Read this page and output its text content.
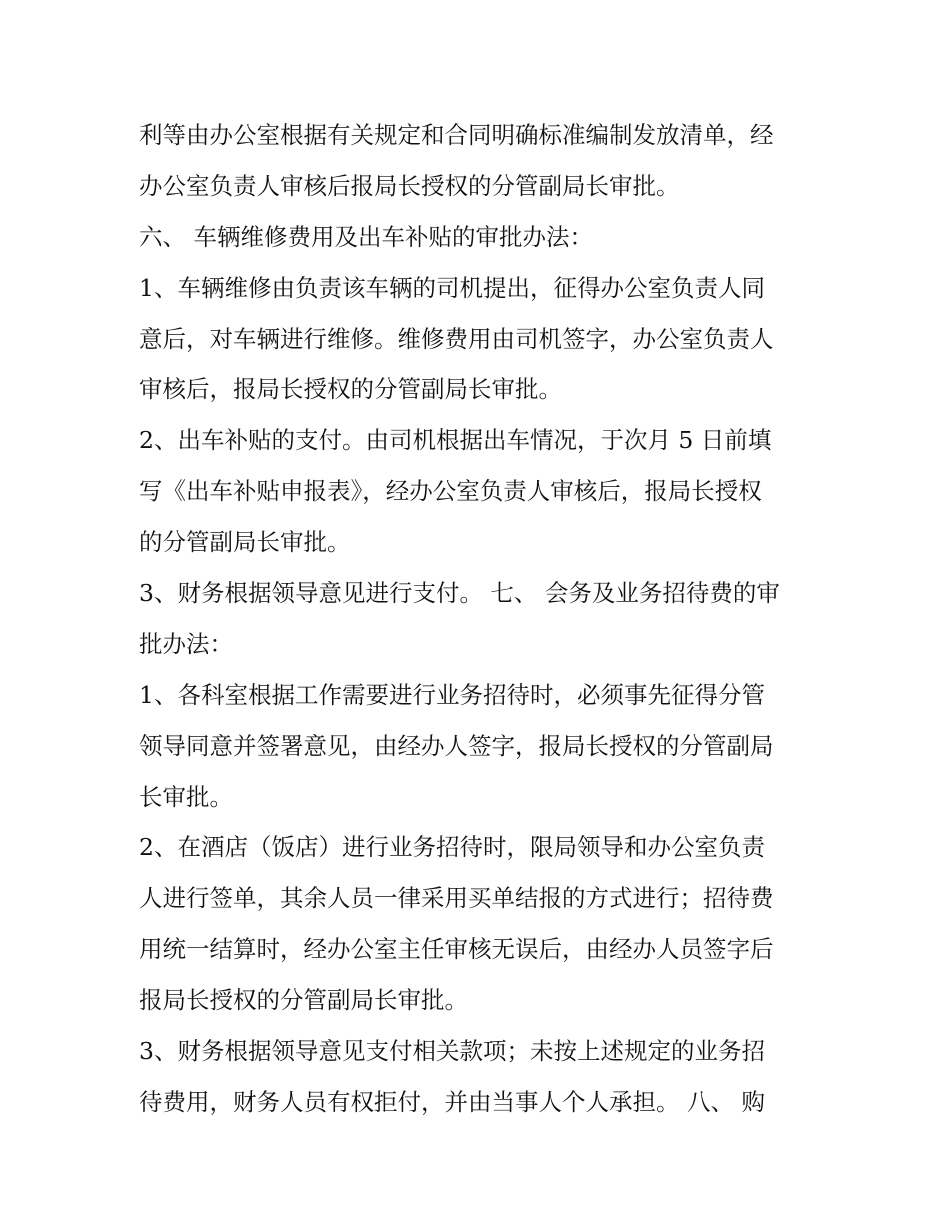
利等由办公室根据有关规定和合同明确标准编制发放清单，经
办公室负责人审核后报局长授权的分管副局长审批。
六、 车辆维修费用及出车补贴的审批办法：
1、车辆维修由负责该车辆的司机提出，征得办公室负责人同
意后，对车辆进行维修。维修费用由司机签字，办公室负责人
审核后，报局长授权的分管副局长审批。
2、出车补贴的支付。由司机根据出车情况，于次月 5 日前填
写《出车补贴申报表》，经办公室负责人审核后，报局长授权
的分管副局长审批。
3、财务根据领导意见进行支付。 七、 会务及业务招待费的审
批办法：
1、各科室根据工作需要进行业务招待时，必须事先征得分管
领导同意并签署意见，由经办人签字，报局长授权的分管副局
长审批。
2、在酒店（饭店）进行业务招待时，限局领导和办公室负责
人进行签单，其余人员一律采用买单结报的方式进行；招待费
用统一结算时，经办公室主任审核无误后，由经办人员签字后
报局长授权的分管副局长审批。
3、财务根据领导意见支付相关款项；未按上述规定的业务招
待费用，财务人员有权拒付，并由当事人个人承担。 八、 购
